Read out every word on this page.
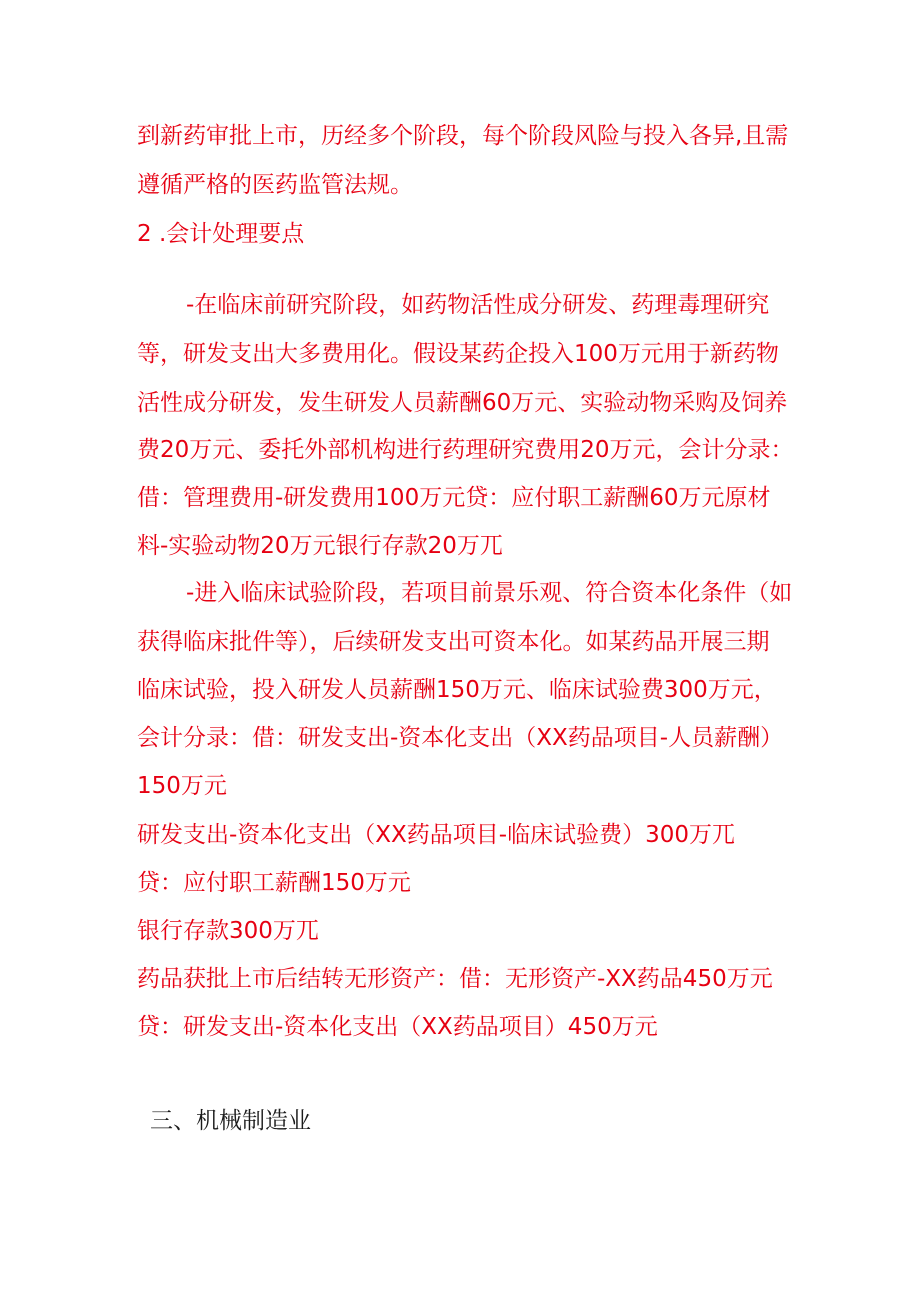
到新药审批上市，历经多个阶段，每个阶段风险与投入各异,且需
遵循严格的医药监管法规。
2 .会计处理要点
-在临床前研究阶段，如药物活性成分研发、药理毒理研究
等，研发支出大多费用化。假设某药企投入100万元用于新药物
活性成分研发，发生研发人员薪酬60万元、实验动物采购及饲养
费20万元、委托外部机构进行药理研究费用20万元，会计分录：
借：管理费用-研发费用100万元贷：应付职工薪酬60万元原材
料-实验动物20万元银行存款20万兀
-进入临床试验阶段，若项目前景乐观、符合资本化条件（如
获得临床批件等），后续研发支出可资本化。如某药品开展三期
临床试验，投入研发人员薪酬150万元、临床试验费300万元，
会计分录：借：研发支出-资本化支出（XX药品项目-人员薪酬）
150万元
研发支出-资本化支出（XX药品项目-临床试验费）300万兀
贷：应付职工薪酬150万元
银行存款300万兀
药品获批上市后结转无形资产：借：无形资产-XX药品450万元
贷：研发支出-资本化支出（XX药品项目）450万元
三、机械制造业
